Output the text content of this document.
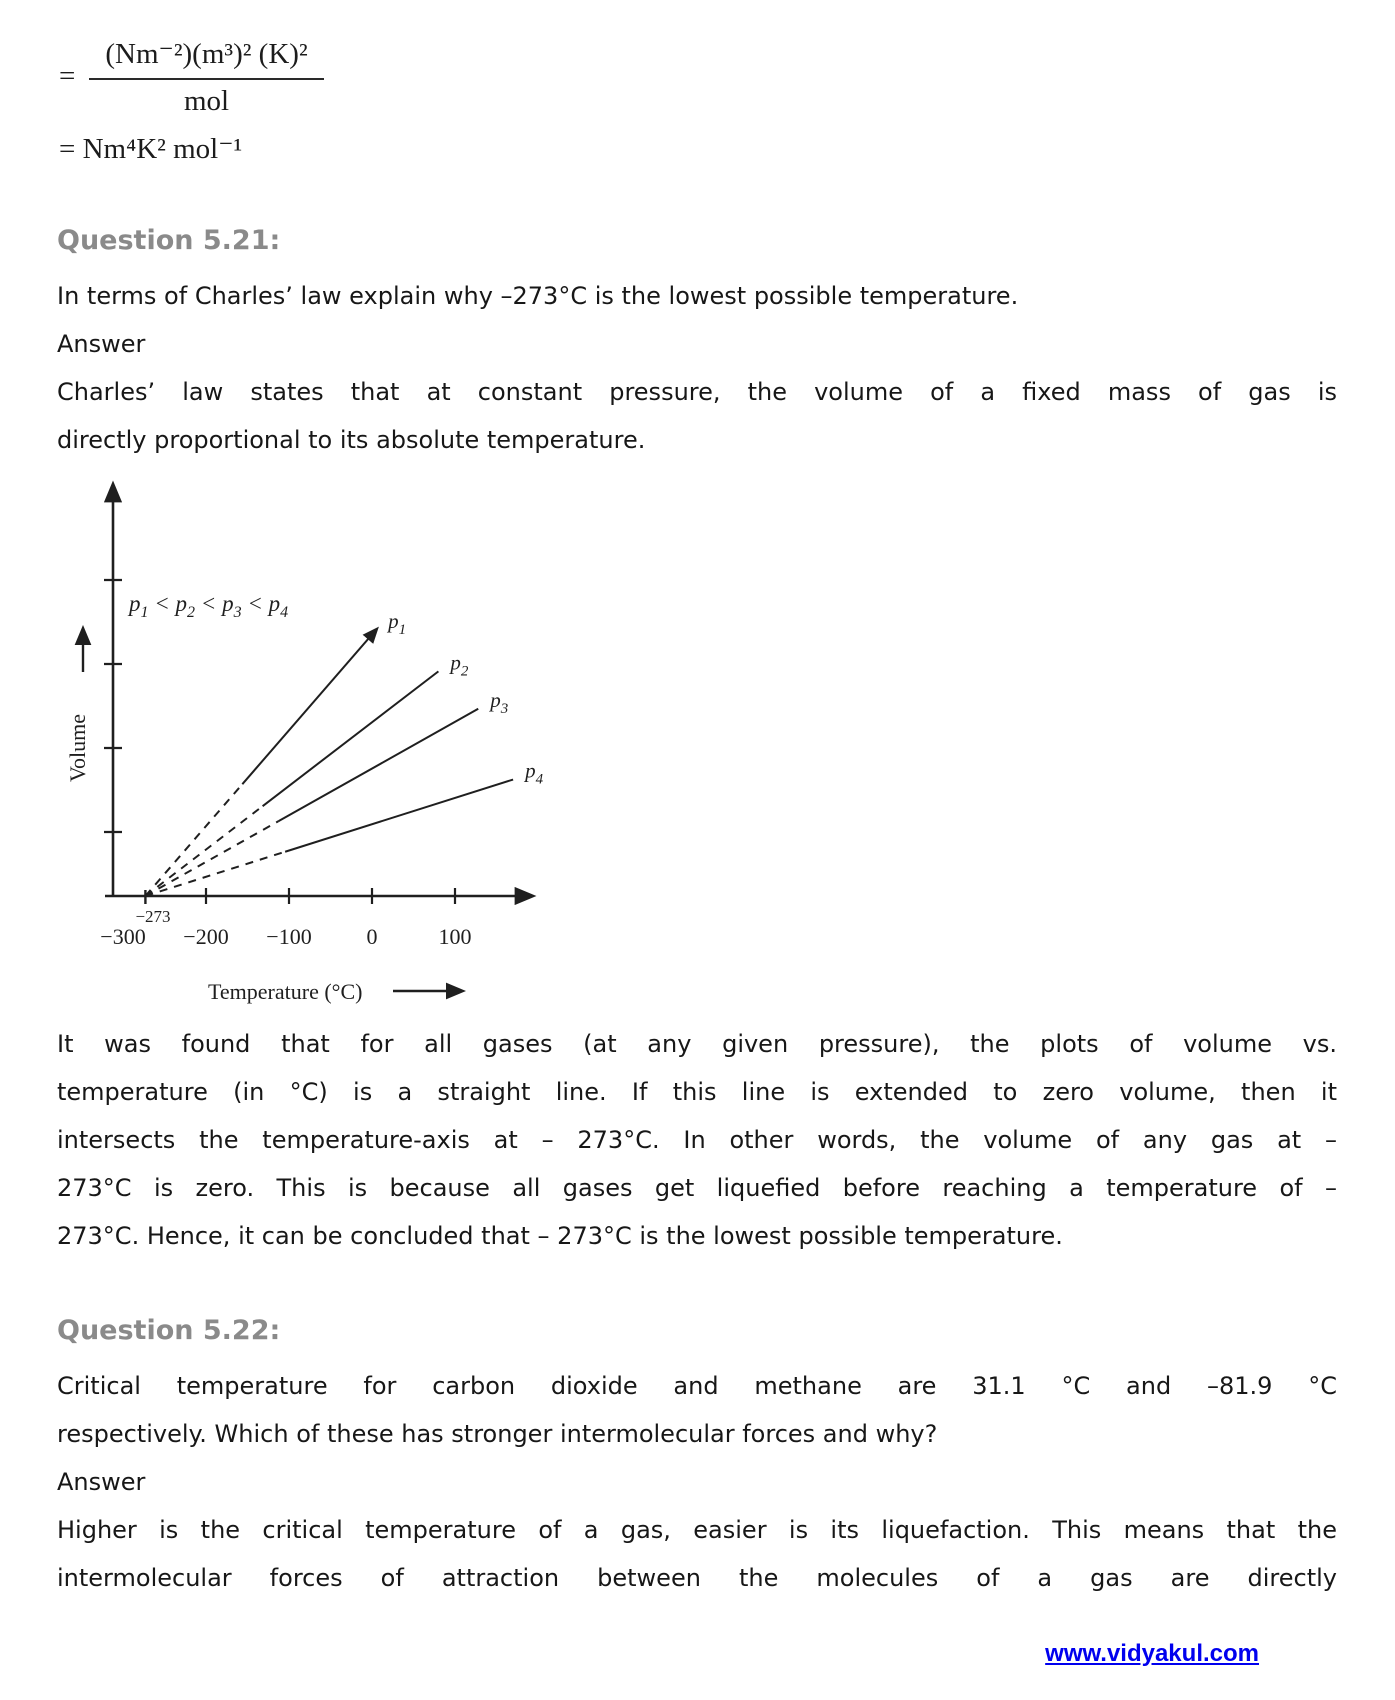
= $\frac{\text{(Nm⁻²)(m³)² (K)²}}{\text{mol}}$
= Nm⁴K² mol⁻¹
Question 5.21:
In terms of Charles’ law explain why –273°C is the lowest possible temperature.
Answer
Charles’ law states that at constant pressure, the volume of a fixed mass of gas is
directly proportional to its absolute temperature.
Volume
Temperature (°C)
−273
−300 −200 −100 0	100
$p_1$
$p_2$
$p_3$
$p_4$
$p_1 < p_2 < p_3 < p_4$
It was found that for all gases (at any given pressure), the plots of volume vs.
temperature (in °C) is a straight line. If this line is extended to zero volume, then it
intersects the temperature-axis at – 273°C. In other words, the volume of any gas at –
273°C is zero. This is because all gases get liquefied before reaching a temperature of –
273°C. Hence, it can be concluded that – 273°C is the lowest possible temperature.
Question 5.22:
Critical temperature for carbon dioxide and methane are 31.1 °C and –81.9 °C
respectively. Which of these has stronger intermolecular forces and why?
Answer
Higher is the critical temperature of a gas, easier is its liquefaction. This means that the
intermolecular forces of attraction between the molecules of a gas are directly
www.vidyakul.com
